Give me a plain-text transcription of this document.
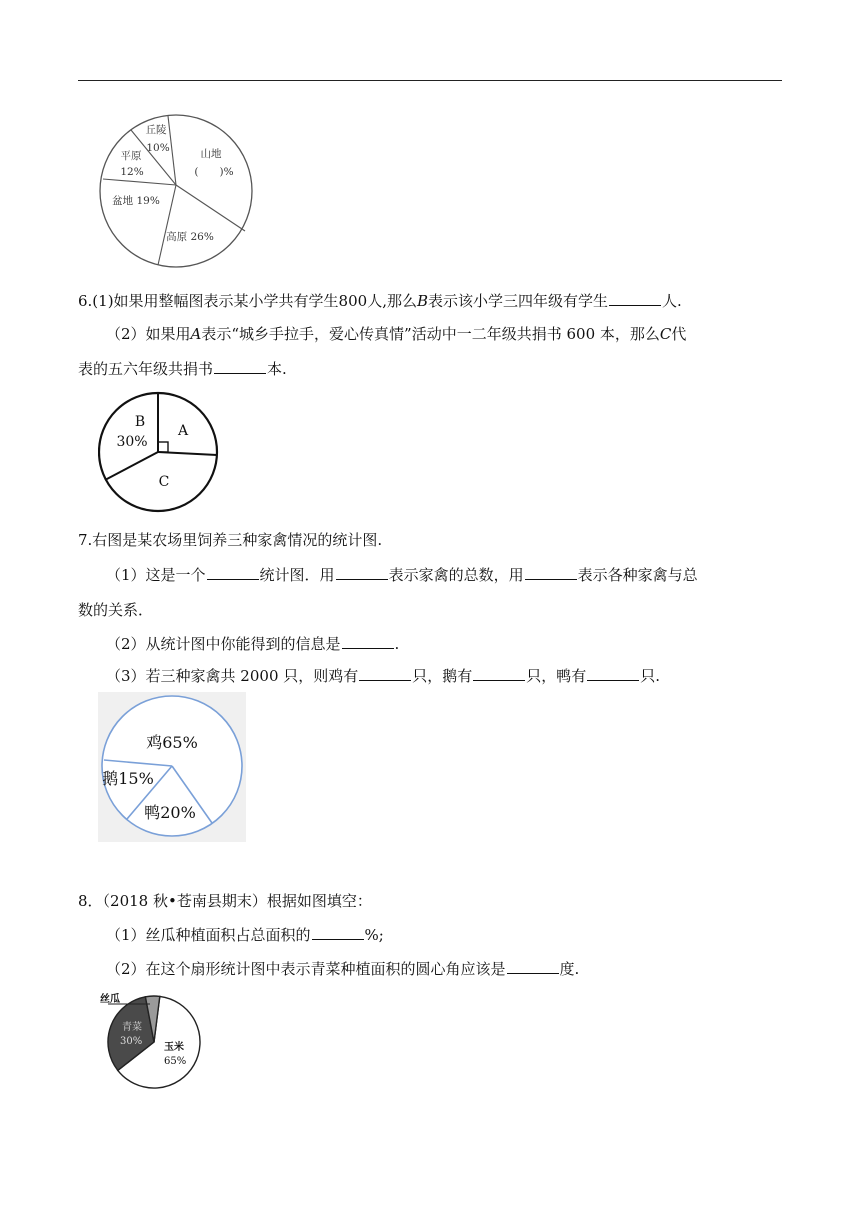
丘陵
10%
平原
12%
山地
(　　)%
盆地 19%
高原 26%
6.(1)如果用整幅图表示某小学共有学生800人,那么B表示该小学三四年级有学生	人.
（2）如果用A表示“城乡手拉手，爱心传真情”活动中一二年级共捐书 600 本，那么C代
表的五六年级共捐书	本.
B
30%
A
C
7.右图是某农场里饲养三种家禽情况的统计图.
（1）这是一个	统计图．用	表示家禽的总数，用	表示各种家禽与总
数的关系．
（2）从统计图中你能得到的信息是	.
（3）若三种家禽共 2000 只，则鸡有	只，鹅有	只，鸭有	只.
鸡65%
鹅15%
鸭20%
8．（2018 秋•苍南县期末）根据如图填空：
（1）丝瓜种植面积占总面积的	%;
（2）在这个扇形统计图中表示青菜种植面积的圆心角应该是	度.
丝瓜
青菜
30%
玉米
65%
